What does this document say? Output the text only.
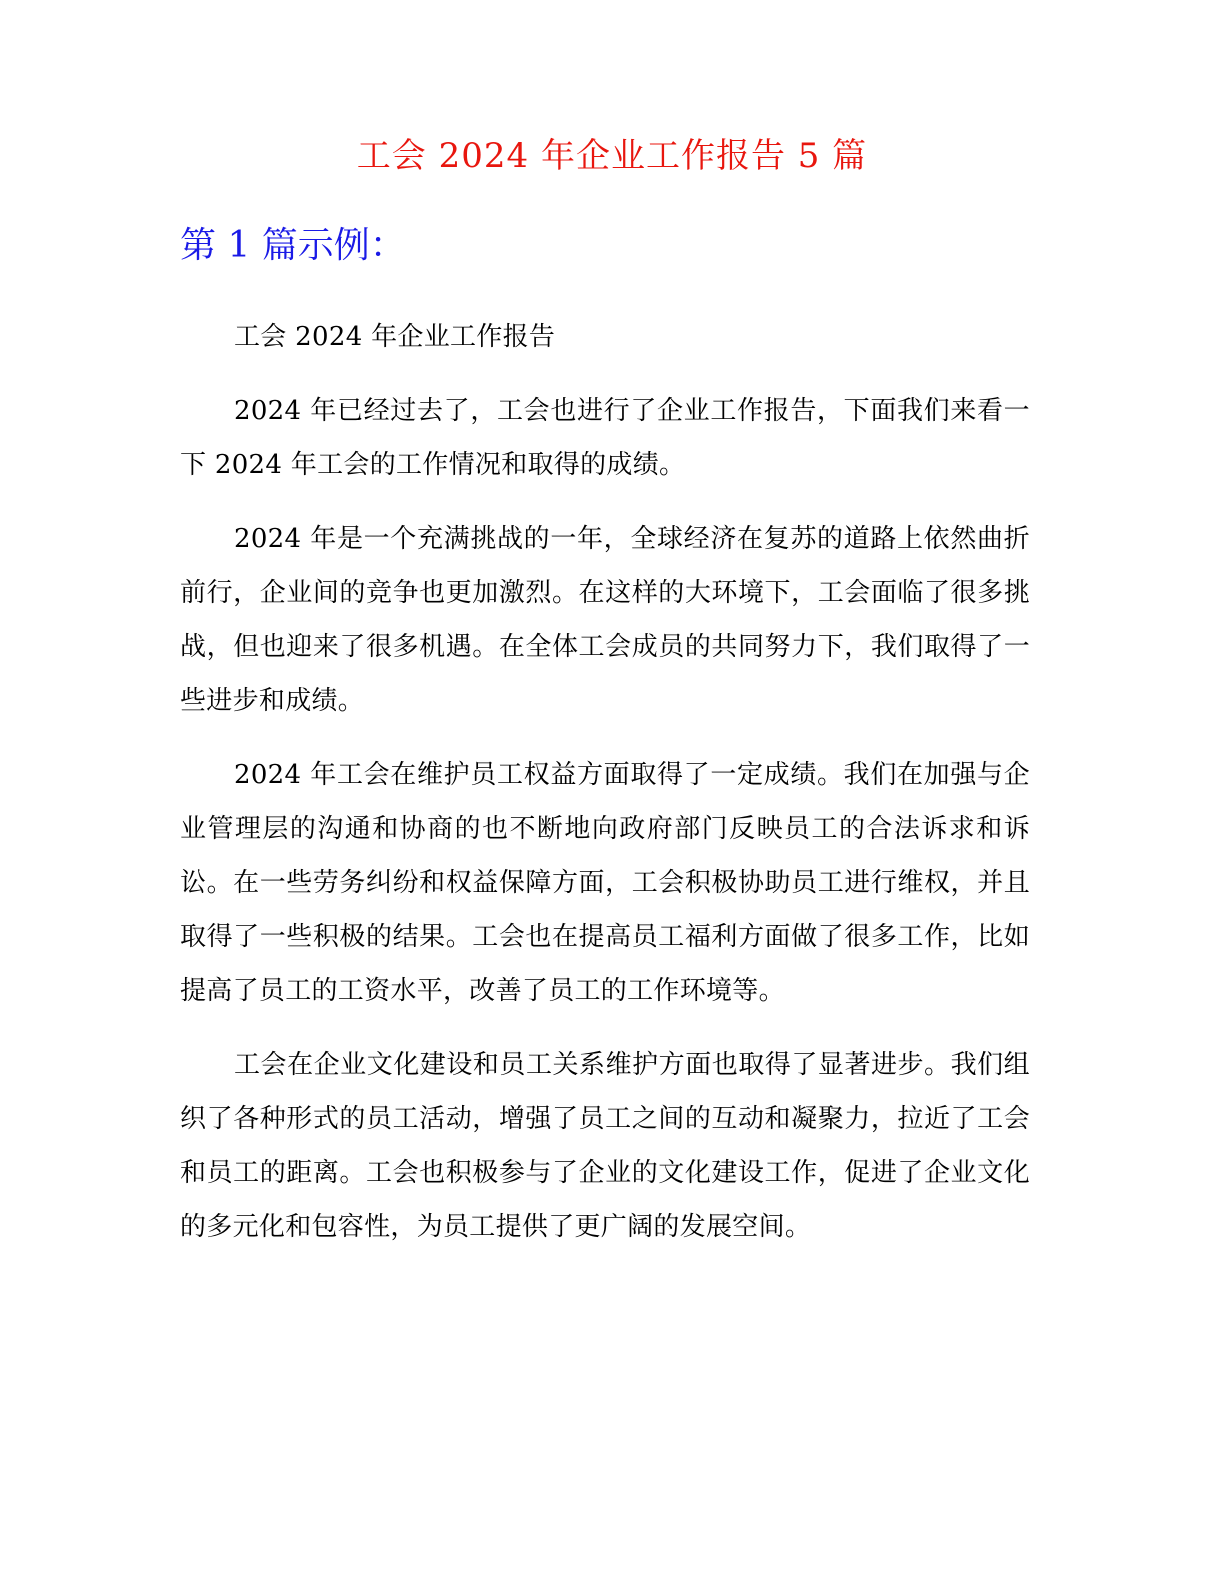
工会 2024 年企业工作报告 5 篇
第 1 篇示例：

工会 2024 年企业工作报告

2024 年已经过去了，工会也进行了企业工作报告，下面我们来看一下 2024 年工会的工作情况和取得的成绩。

2024 年是一个充满挑战的一年，全球经济在复苏的道路上依然曲折前行，企业间的竞争也更加激烈。在这样的大环境下，工会面临了很多挑战，但也迎来了很多机遇。在全体工会成员的共同努力下，我们取得了一些进步和成绩。

2024 年工会在维护员工权益方面取得了一定成绩。我们在加强与企业管理层的沟通和协商的也不断地向政府部门反映员工的合法诉求和诉讼。在一些劳务纠纷和权益保障方面，工会积极协助员工进行维权，并且取得了一些积极的结果。工会也在提高员工福利方面做了很多工作，比如提高了员工的工资水平，改善了员工的工作环境等。

工会在企业文化建设和员工关系维护方面也取得了显著进步。我们组织了各种形式的员工活动，增强了员工之间的互动和凝聚力，拉近了工会和员工的距离。工会也积极参与了企业的文化建设工作，促进了企业文化的多元化和包容性，为员工提供了更广阔的发展空间。
